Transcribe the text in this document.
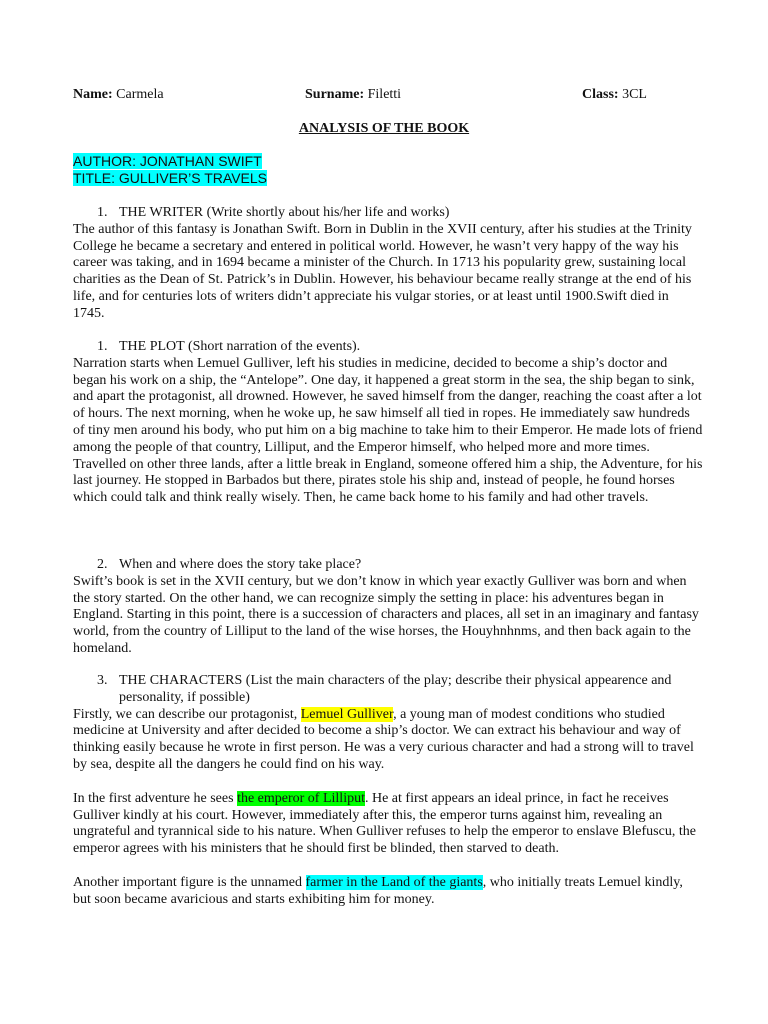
Name: Carmela	Surname: Filetti	Class: 3CL
ANALYSIS OF THE BOOK
AUTHOR: JONATHAN SWIFT
TITLE: GULLIVER’S TRAVELS
1. THE WRITER (Write shortly about his/her life and works)

The author of this fantasy is Jonathan Swift. Born in Dublin in the XVII century, after his studies at the Trinity College he became a secretary and entered in political world. However, he wasn’t very happy of the way his career was taking, and in 1694 became a minister of the Church. In 1713 his popularity grew, sustaining local charities as the Dean of St. Patrick’s in Dublin. However, his behaviour became really strange at the end of his life, and for centuries lots of writers didn’t appreciate his vulgar stories, or at least until 1900.Swift died in 1745.

1. THE PLOT (Short narration of the events).

Narration starts when Lemuel Gulliver, left his studies in medicine, decided to become a ship’s doctor and began his work on a ship, the “Antelope”. One day, it happened a great storm in the sea, the ship began to sink, and apart the protagonist, all drowned. However, he saved himself from the danger, reaching the coast after a lot of hours. The next morning, when he woke up, he saw himself all tied in ropes. He immediately saw hundreds of tiny men around his body, who put him on a big machine to take him to their Emperor. He made lots of friend among the people of that country, Lilliput, and the Emperor himself, who helped more and more times. Travelled on other three lands, after a little break in England, someone offered him a ship, the Adventure, for his last journey. He stopped in Barbados but there, pirates stole his ship and, instead of people, he found horses which could talk and think really wisely. Then, he came back home to his family and had other travels.

2. When and where does the story take place?

Swift’s book is set in the XVII century, but we don’t know in which year exactly Gulliver was born and when the story started. On the other hand, we can recognize simply the setting in place: his adventures began in England. Starting in this point, there is a succession of characters and places, all set in an imaginary and fantasy world, from the country of Lilliput to the land of the wise horses, the Houyhnhnms, and then back again to the homeland.

3. THE CHARACTERS (List the main characters of the play; describe their physical appearence and personality, if possible)

Firstly, we can describe our protagonist, Lemuel Gulliver, a young man of modest conditions who studied medicine at University and after decided to become a ship’s doctor. We can extract his behaviour and way of thinking easily because he wrote in first person. He was a very curious character and had a strong will to travel by sea, despite all the dangers he could find on his way.

In the first adventure he sees the emperor of Lilliput. He at first appears an ideal prince, in fact he receives Gulliver kindly at his court. However, immediately after this, the emperor turns against him, revealing an ungrateful and tyrannical side to his nature. When Gulliver refuses to help the emperor to enslave Blefuscu, the emperor agrees with his ministers that he should first be blinded, then starved to death.

Another important figure is the unnamed farmer in the Land of the giants, who initially treats Lemuel kindly, but soon became avaricious and starts exhibiting him for money.
